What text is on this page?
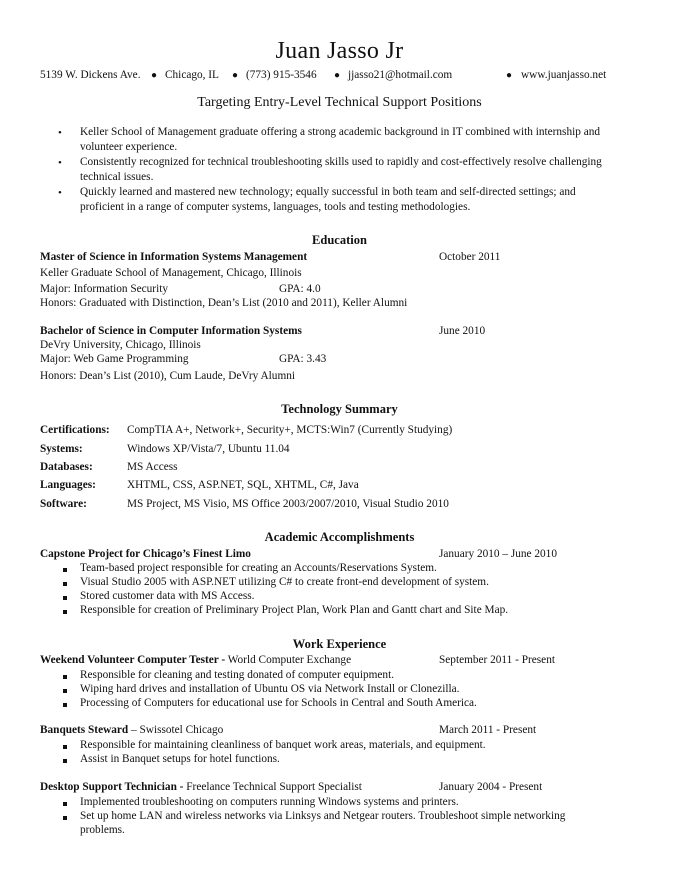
Juan Jasso Jr
5139 W. Dickens Ave. ● Chicago, IL ● (773) 915-3546 ● jjasso21@hotmail.com	● www.juanjasso.net
Targeting Entry-Level Technical Support Positions
• Keller School of Management graduate offering a strong academic background in IT combined with internship and
volunteer experience.
• Consistently recognized for technical troubleshooting skills used to rapidly and cost-effectively resolve challenging
technical issues.
• Quickly learned and mastered new technology; equally successful in both team and self-directed settings; and
proficient in a range of computer systems, languages, tools and testing methodologies.
Education
Master of Science in Information Systems Management	October 2011
Keller Graduate School of Management, Chicago, Illinois
Major: Information Security	GPA: 4.0
Honors: Graduated with Distinction, Dean’s List (2010 and 2011), Keller Alumni
Bachelor of Science in Computer Information Systems	June 2010
DeVry University, Chicago, Illinois
Major: Web Game Programming	GPA: 3.43
Honors: Dean’s List (2010), Cum Laude, DeVry Alumni
Technology Summary
Certifications: CompTIA A+, Network+, Security+, MCTS:Win7 (Currently Studying)
Systems:	Windows XP/Vista/7, Ubuntu 11.04
Databases:	MS Access
Languages:	XHTML, CSS, ASP.NET, SQL, XHTML, C#, Java
Software:	MS Project, MS Visio, MS Office 2003/2007/2010, Visual Studio 2010
Academic Accomplishments
Capstone Project for Chicago’s Finest Limo	January 2010 – June 2010
Team-based project responsible for creating an Accounts/Reservations System.
Visual Studio 2005 with ASP.NET utilizing C# to create front-end development of system.
Stored customer data with MS Access.
Responsible for creation of Preliminary Project Plan, Work Plan and Gantt chart and Site Map.
Work Experience
Weekend Volunteer Computer Tester - World Computer Exchange	September 2011 - Present
Responsible for cleaning and testing donated of computer equipment.
Wiping hard drives and installation of Ubuntu OS via Network Install or Clonezilla.
Processing of Computers for educational use for Schools in Central and South America.
Banquets Steward – Swissotel Chicago	March 2011 - Present
Responsible for maintaining cleanliness of banquet work areas, materials, and equipment.
Assist in Banquet setups for hotel functions.
Desktop Support Technician - Freelance Technical Support Specialist	January 2004 - Present
Implemented troubleshooting on computers running Windows systems and printers.
Set up home LAN and wireless networks via Linksys and Netgear routers. Troubleshoot simple networking
problems.
